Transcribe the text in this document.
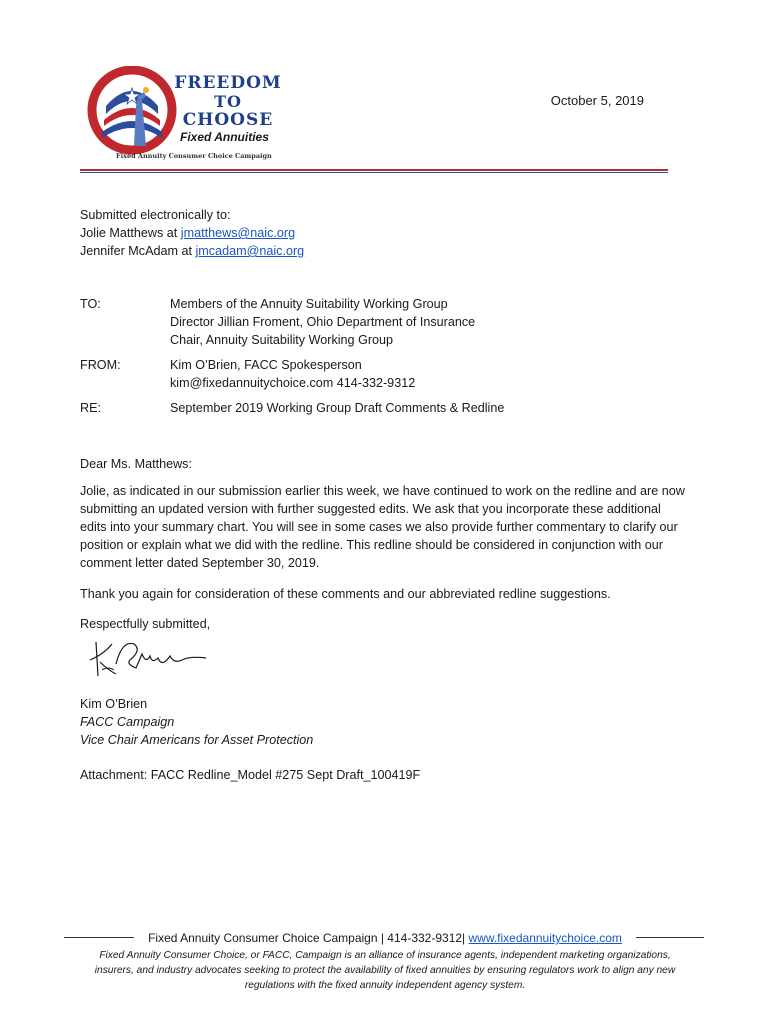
FREEDOM
TO
CHOOSE
Fixed Annuities
Fixed Annuity Consumer Choice Campaign
October 5, 2019
Submitted electronically to:
Jolie Matthews at jmatthews@naic.org
Jennifer McAdam at jmcadam@naic.org
TO:	Members of the Annuity Suitability Working Group
Director Jillian Froment, Ohio Department of Insurance
Chair, Annuity Suitability Working Group
FROM:	Kim O’Brien, FACC Spokesperson
kim@fixedannuitychoice.com 414-332-9312
RE:	September 2019 Working Group Draft Comments & Redline
Dear Ms. Matthews:
Jolie, as indicated in our submission earlier this week, we have continued to work on the redline and are now
submitting an updated version with further suggested edits. We ask that you incorporate these additional
edits into your summary chart. You will see in some cases we also provide further commentary to clarify our
position or explain what we did with the redline. This redline should be considered in conjunction with our
comment letter dated September 30, 2019.
Thank you again for consideration of these comments and our abbreviated redline suggestions.
Respectfully submitted,
Kim O’Brien
FACC Campaign
Vice Chair Americans for Asset Protection
Attachment: FACC Redline_Model #275 Sept Draft_100419F
Fixed Annuity Consumer Choice Campaign | 414-332-9312| www.fixedannuitychoice.com
Fixed Annuity Consumer Choice, or FACC, Campaign is an alliance of insurance agents, independent marketing organizations,
insurers, and industry advocates seeking to protect the availability of fixed annuities by ensuring regulators work to align any new
regulations with the fixed annuity independent agency system.
